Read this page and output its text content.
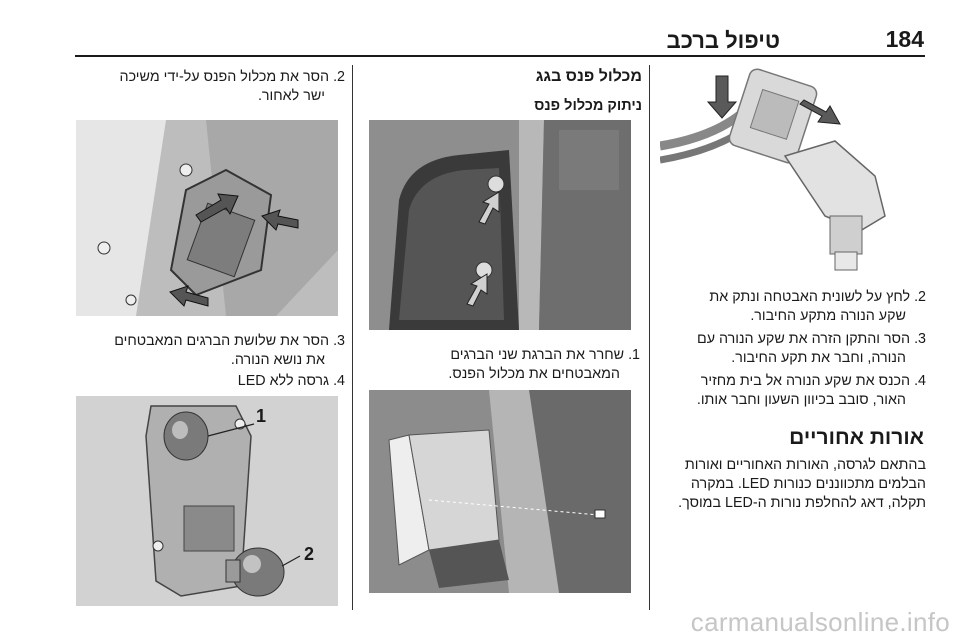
טיפול ברכב	184
2. לחץ על לשונית האבטחה ונתק את
שקע הנורה מתקע החיבור.
3. הסר והתקן הזרה את שקע הנורה עם
הנורה, וחבר את תקע החיבור.
4. הכנס את שקע הנורה אל בית מחזיר
האור, סובב בכיוון השעון וחבר אותו.
אורות אחוריים
בהתאם לגרסה, האורות האחוריים ואורות
הבלמים מתכווננים כנורות LED. במקרה
תקלה, דאג להחלפת נורות ה-LED במוסך.
מכלול פנס בגג
ניתוק מכלול פנס
1. שחרר את הברגת שני הברגים
המאבטחים את מכלול הפנס.
2. הסר את מכלול הפנס על-ידי משיכה
ישר לאחור.
3. הסר את שלושת הברגים המאבטחים
את נושא הנורה.
4. גרסה ללא LED
1
2
carmanualsonline.info
